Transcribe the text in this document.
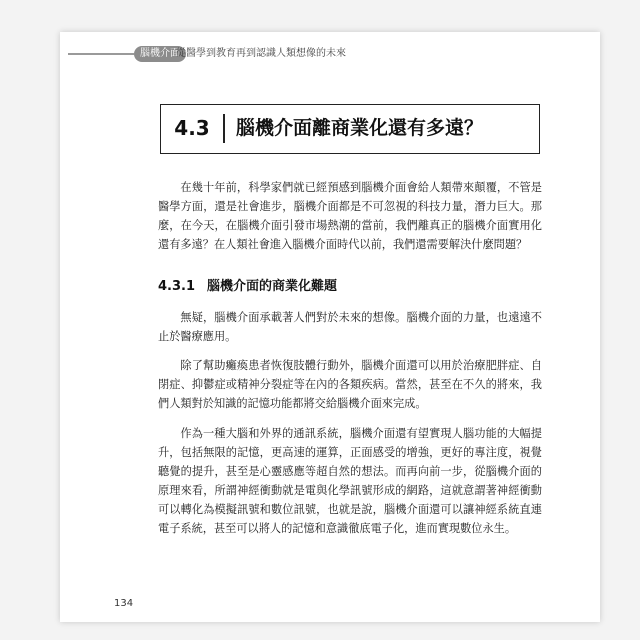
腦機介面
從醫學到教育再到認識人類想像的未來
4.3	腦機介面離商業化還有多遠？

在幾十年前，科學家們就已經預感到腦機介面會給人類帶來顛覆，不管是醫學方面，還是社會進步，腦機介面都是不可忽視的科技力量，潛力巨大。那麼，在今天，在腦機介面引發市場熱潮的當前，我們離真正的腦機介面實用化還有多遠？在人類社會進入腦機介面時代以前，我們還需要解決什麼問題？

4.3.1 腦機介面的商業化難題

無疑，腦機介面承載著人們對於未來的想像。腦機介面的力量，也遠遠不止於醫療應用。

除了幫助癱瘓患者恢復肢體行動外，腦機介面還可以用於治療肥胖症、自閉症、抑鬱症或精神分裂症等在內的各類疾病。當然，甚至在不久的將來，我們人類對於知識的記憶功能都將交給腦機介面來完成。

作為一種大腦和外界的通訊系統，腦機介面還有望實現人腦功能的大幅提升，包括無限的記憶，更高速的運算，正面感受的增強，更好的專注度，視覺聽覺的提升，甚至是心靈感應等超自然的想法。而再向前一步，從腦機介面的原理來看，所謂神經衝動就是電與化學訊號形成的網路，這就意謂著神經衝動可以轉化為模擬訊號和數位訊號，也就是說，腦機介面還可以讓神經系統直連電子系統，甚至可以將人的記憶和意識徹底電子化，進而實現數位永生。

134
